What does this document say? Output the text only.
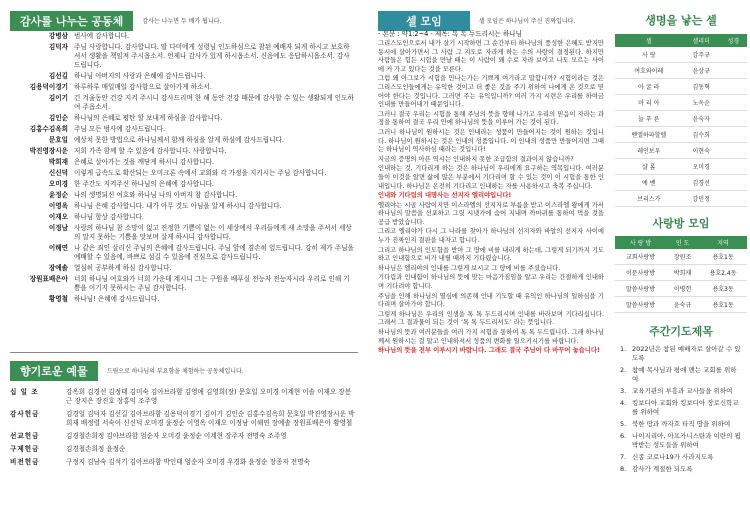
감사를 나누는 공동체	감사는 나누면 두 배가 됩니다.
강병삼 범사에 감사합니다.
김덕자 주님 사랑합니다. 감사합니다. 딸 다미에게 성령님 인도하심으로 참된 예배자 되게 하시고 보호하셔서 생활을 책임져 주시옵소서. 언제나 감사가 있게 하시옵소서. 신음에도 응답하시옵소서. 감사드립니다.
김선길 하나님 아버지의 사랑과 은혜에 감사드립니다.
김용덕이경기 하루하루 매일매일 감사함으로 살아가게 하소서.
김이기 긴 겨울동안 건강 지켜 주시니 감사드리며 한 해 동안 건강 때문에 감사할 수 있는 생활되게 인도하여 주옵소서.
김인순 하나님의 은혜로 평탄 할 보내게 하심을 감사합니다.
김홍수김옥희 주님 모든 범사에 감사드립니다.
문호일 예상치 못한 방법으로 하나님께서 함께 하심을 알게 하심에 감사드립니다.
박진영장시운 저희 가족 함께 할 수 있음에 감사합니다. 사랑합니다.
박희재 은혜로 살아가는 것을 깨닫게 하시니 감사합니다.
신신덕 이렇게 급속도로 확산되는 오미크론 속에서 교회와 각 가정을 지키시는 주님 감사합니다.
오미경 한 주간도 지켜주신 하나님의 은혜에 감사합니다.
윤정순 나의 생명되신 여호와 하나님 나의 아버지 참 감사합니다.
이영옥 하나님 은혜 감사합니다. 내가 아무 것도 아님을 알게 하시니 감사합니다.
이재오 하나님 항상 감사합니다.
이정남 사랑의 하나님 참 소망이 없고 진정한 기쁨이 없는 이 세상에서 우리들에게 새 소망을 주셔서 세상의 말지 못하는 기쁨을 맛보며 살게 하시니 감사합니다.
이해연 나 같은 죄인 살리신 주님의 은혜에 감사드립니다. 주님 앞에 겸손히 엎드립니다. 강히 제가 주님을 예배할 수 있음에, 바쁘로 섬길 수 있음에 진심으로 감사드립니다.
장예솔 열심히 공부하게 하심 감사합니다.
장원표배은아 너희 하나님 여호와가 너희 가운데 계시니 그는 구원을 베푸실 전능자 전능자시라 우리로 인해 기쁨을 이기지 못하시는 주님 감사합니다.
황영철 하나님! 은혜에 감사드립니다.
향기로운 예물	드림으로 하나님의 부요함을 체험하는 공동체입니다.
십 일 조	강옥희 김경선 김정태 김미숙 김아브라함 김영애 김영희(장) 문호일 오미경 이계현 이솔 이재오 장봉근 장지은 장진호 장홍익 조주영
감사헌금	김경일 김덕자 김선길 김아브라함 김용덕이경기 김이기 김인순 김홍수김옥희 문호일 박진영장시운 박희재 배정렬 서숙이 신신덕 오미경 윤정순 이영옥 이재오 이정남 이해연 장예솔 장원표배은아 황영철
선교헌금	김경철손희정 김아브라함 엄순자 오미경 윤정순 이계현 장주자 전명숙 조주영
구제헌금	김경철손희정 윤정순
비전헌금	구정지 김남숙 김석기 김아브라함 박인태 엄순자 오미경 우경화 윤정순 장종자 전명숙
셀 모임	셀 모임은 하나님이 주신 진짜입니다.
- 본문 : 약1:2~4 - 제목: 톡 톡 두드리시는 하나님

그리스도인으로서 내가 살기 시작하면 그 순간부터 하나님의 풍성한 은혜도 받지만 동시에 살아가면서 그 사람 그 지도로 자라게 하는 수의 사랑이 결정된다. 하지만 사람들은 힘든 시험을 만날 때는 이 사람이 꽤 수로 자라 보이고 나도 모르는 사이에 커 가고 있다는 것을 모른다.

그럼 왜 아그보가 시험을 만나는가는 기쁘게 여기라고 말합니까? 시험이라는 것은 그리스도인들에게는 유익한 것이고 더 좋은 것을 주기 위하여 나에게 온 것으로 믿어야 한다는 것입니다. 그러면 주는 유익입니까? 여러 가지 시련은 우리를 하여금 인내를 만들어내기 때문입니다.

그러니 결국 우리는 시험을 통해 주님의 뜻을 향해 나가고 우리의 믿음이 자라는 과정을 통하여 결국 우리 안에 하나님의 뜻을 이루어 가는 것이 된다.

그러니 하나님이 원하시는 것은 인내라는 성품이 만들어지는 것이 원하는 것입니다. 하나님이 원하시는 것은 인내의 성품입니다. 이 인내의 성품만 만들어지면 그때는 하나님이 역사하심 때라는 것입니다!

지금의 증명의 아픈 역시는 인내하지 못한 조급함의 결과이지 않습니까?

인내하는 것, 기다리게 하는 것은 하나님이 우리에게 요구하는 역목입니다. 여러분들이 이것을 알면 삶에 많은 부분에서 기다리며 할 수 있는 것이 이 시험을 통한 인내입니다. 하나님은 온전히 기다리고 인내하는 자를 사용하시고 축복 주십니다.

인내와 기다림의 대명사는 선지자 엘리야입니다!

엘리야는 시골 사람이지만 이스라엘의 선지자로 부름을 받고 이스라엘 왕에게 가서 하나님의 말씀을 선포하고 그릿 시냇가에 숨어 지내며 까마귀를 통하여 먹을 것을 공급 받았습니다.

그리고 엘리야가 다시 그 나라를 찾아가 하나님의 선지자와 바알의 선지자 사이에 누가 진짜인지 결판을 내자고 합니다.

그리고 하나님의 인도함을 받아 그 땅에 비를 내리게 하는데, 그렇게 되기까지 기도하고 인내함으로 비가 내릴 때까지 기다렸습니다.

하나님은 엘리야의 인내를 그렇게 보시고 그 땅에 비를 주셨습니다.

기다림과 인내함이 하나님의 뜻에 맞는 마음가짐임을 알고 우리는 간절하게 인내하며 기다려야 합니다.

주님을 인해 하나님의 열심에 의존해 인내 기도할 때 유익인 하나님의 일하심을 기다리며 살아가야 합니다.

그렇게 하나님은 우리의 인생을 톡 톡 두드리시며 인내를 바라보며 기다리십니다. 그래서 그 결과물이 되는 것이 ‘톡 톡 두드리셔도’ 라는 뜻입니다.

하나님의 뜻과 여러분들을 여러 가지 시험을 통하여 톡 톡 두드립니다. 그래 하나님께서 원하시는 걸 알고 인내하셔서 성품의 변화를 일으키시기를 바랍니다.

하나님의 뜻을 전부 이루시기 바랍니다. 그래도 결국 주님이 다 바꾸어 놓습니다!

생명을 낳는 셀
셀	셀리더	성경
사 랑	강주규	
여호와이레	윤상규	
아 굴 라	김동혁	
마 리 아	노옥순	
늘 푸 른	윤숙자	
벧엘하파할렐	김수희	
레인보우	이현숙	
샬 롬	오미경	
에 벤	김경선	
브리스가	강민정	
사랑방 모임
사 랑 방	인 도	지역
교회사랑방	장원조	용호1동
이문사랑방	박희재	용호2,4동
말씀사랑방	이병헌	용호3동
말씀사랑방	윤숙규	용호1동
주간기도제목
1. 2022년은 참된 예배자로 살아갈 수 있도록
2. 참예 목사님과 평애 맨는 교회를 위하여
3. 교육기관의 부흥과 교사들을 위하여
4. 킹보디아 교회와 킹보디아 장로신학교를 위하여
5. 북한 땅과 까자흐 타직 땅을 위하여
6. 나이지리아, 아프카니스탄과 이란의 핍박받는 성도들을 위하여
7. 신종 코로나19가 사라지도록
8. 감사가 계절한 되도록
